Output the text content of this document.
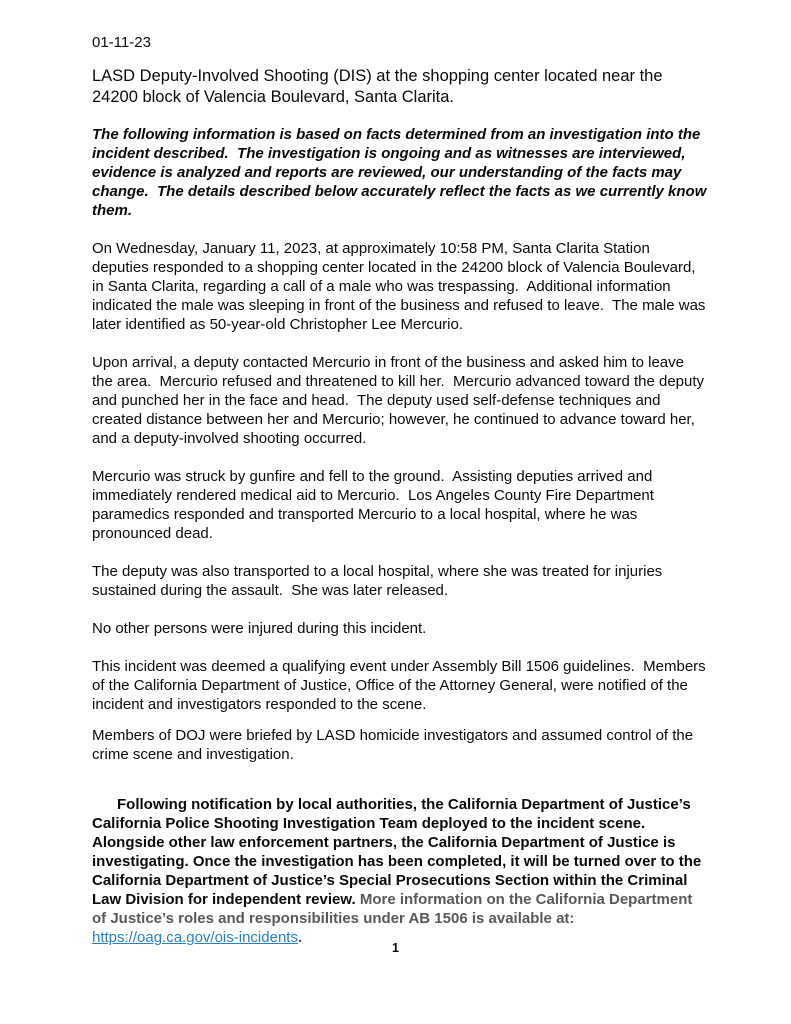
01-11-23
LASD Deputy-Involved Shooting (DIS) at the shopping center located near the 24200 block of Valencia Boulevard, Santa Clarita.
The following information is based on facts determined from an investigation into the incident described.  The investigation is ongoing and as witnesses are interviewed, evidence is analyzed and reports are reviewed, our understanding of the facts may change.  The details described below accurately reflect the facts as we currently know them.

On Wednesday, January 11, 2023, at approximately 10:58 PM, Santa Clarita Station deputies responded to a shopping center located in the 24200 block of Valencia Boulevard, in Santa Clarita, regarding a call of a male who was trespassing.  Additional information indicated the male was sleeping in front of the business and refused to leave.  The male was later identified as 50-year-old Christopher Lee Mercurio.

Upon arrival, a deputy contacted Mercurio in front of the business and asked him to leave the area.  Mercurio refused and threatened to kill her.  Mercurio advanced toward the deputy and punched her in the face and head.  The deputy used self-defense techniques and created distance between her and Mercurio; however, he continued to advance toward her, and a deputy-involved shooting occurred.

Mercurio was struck by gunfire and fell to the ground.  Assisting deputies arrived and immediately rendered medical aid to Mercurio.  Los Angeles County Fire Department paramedics responded and transported Mercurio to a local hospital, where he was pronounced dead.

The deputy was also transported to a local hospital, where she was treated for injuries sustained during the assault.  She was later released.

No other persons were injured during this incident.

This incident was deemed a qualifying event under Assembly Bill 1506 guidelines.  Members of the California Department of Justice, Office of the Attorney General, were notified of the incident and investigators responded to the scene.

Members of DOJ were briefed by LASD homicide investigators and assumed control of the crime scene and investigation.

Following notification by local authorities, the California Department of Justice’s California Police Shooting Investigation Team deployed to the incident scene. Alongside other law enforcement partners, the California Department of Justice is investigating. Once the investigation has been completed, it will be turned over to the California Department of Justice’s Special Prosecutions Section within the Criminal Law Division for independent review. More information on the California Department of Justice’s roles and responsibilities under AB 1506 is available at: https://oag.ca.gov/ois-incidents.

1
